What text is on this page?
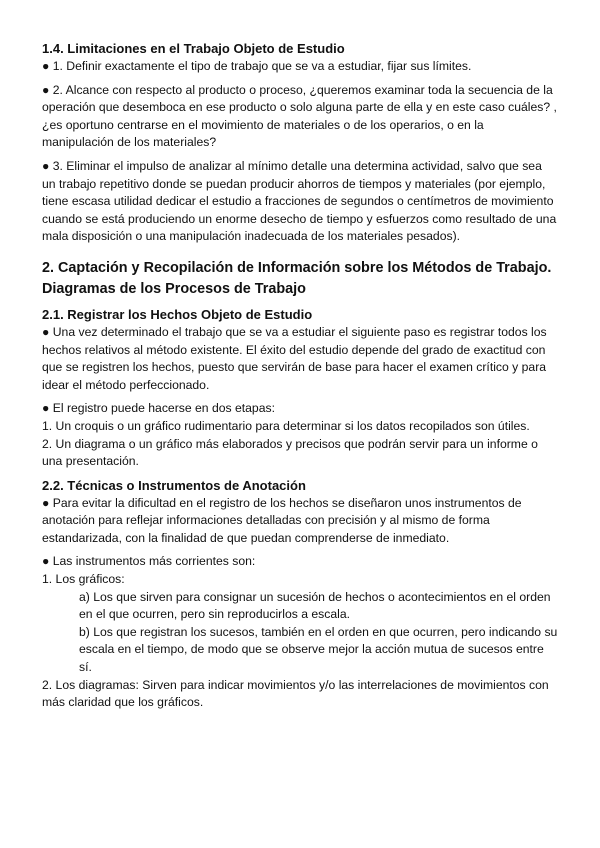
1.4. Limitaciones en el Trabajo Objeto de Estudio
● 1. Definir exactamente el tipo de trabajo que se va a estudiar, fijar sus límites.
● 2. Alcance con respecto al producto o proceso, ¿queremos examinar toda la secuencia de la operación que desemboca en ese producto o solo alguna parte de ella y en este caso cuáles? , ¿es oportuno centrarse en el movimiento de materiales o de los operarios, o en la manipulación de los materiales?
● 3. Eliminar el impulso de analizar al mínimo detalle una determina actividad, salvo que sea un trabajo repetitivo donde se puedan producir ahorros de tiempos y materiales (por ejemplo, tiene escasa utilidad dedicar el estudio a fracciones de segundos o centímetros de movimiento cuando se está produciendo un enorme desecho de tiempo y esfuerzos como resultado de una mala disposición o una manipulación inadecuada de los materiales pesados).
2. Captación y Recopilación de Información sobre los Métodos de Trabajo. Diagramas de los Procesos de Trabajo
2.1. Registrar los Hechos Objeto de Estudio
● Una vez determinado el trabajo que se va a estudiar el siguiente paso es registrar todos los hechos relativos al método existente. El éxito del estudio depende del grado de exactitud con que se registren los hechos, puesto que servirán de base para hacer el examen crítico y para idear el método perfeccionado.
● El registro puede hacerse en dos etapas:
1. Un croquis o un gráfico rudimentario para determinar si los datos recopilados son útiles.
2. Un diagrama o un gráfico más elaborados y precisos que podrán servir para un informe o una presentación.
2.2. Técnicas o Instrumentos de Anotación
● Para evitar la dificultad en el registro de los hechos se diseñaron unos instrumentos de anotación para reflejar informaciones detalladas con precisión y al mismo de forma estandarizada, con la finalidad de que puedan comprenderse de inmediato.
● Las instrumentos más corrientes son:
1. Los gráficos:
a) Los que sirven para consignar un sucesión de hechos o acontecimientos en el orden en el que ocurren, pero sin reproducirlos a escala.
b) Los que registran los sucesos, también en el orden en que ocurren, pero indicando su escala en el tiempo, de modo que se observe mejor la acción mutua de sucesos entre sí.
2. Los diagramas: Sirven para indicar movimientos y/o las interrelaciones de movimientos con más claridad que los gráficos.
